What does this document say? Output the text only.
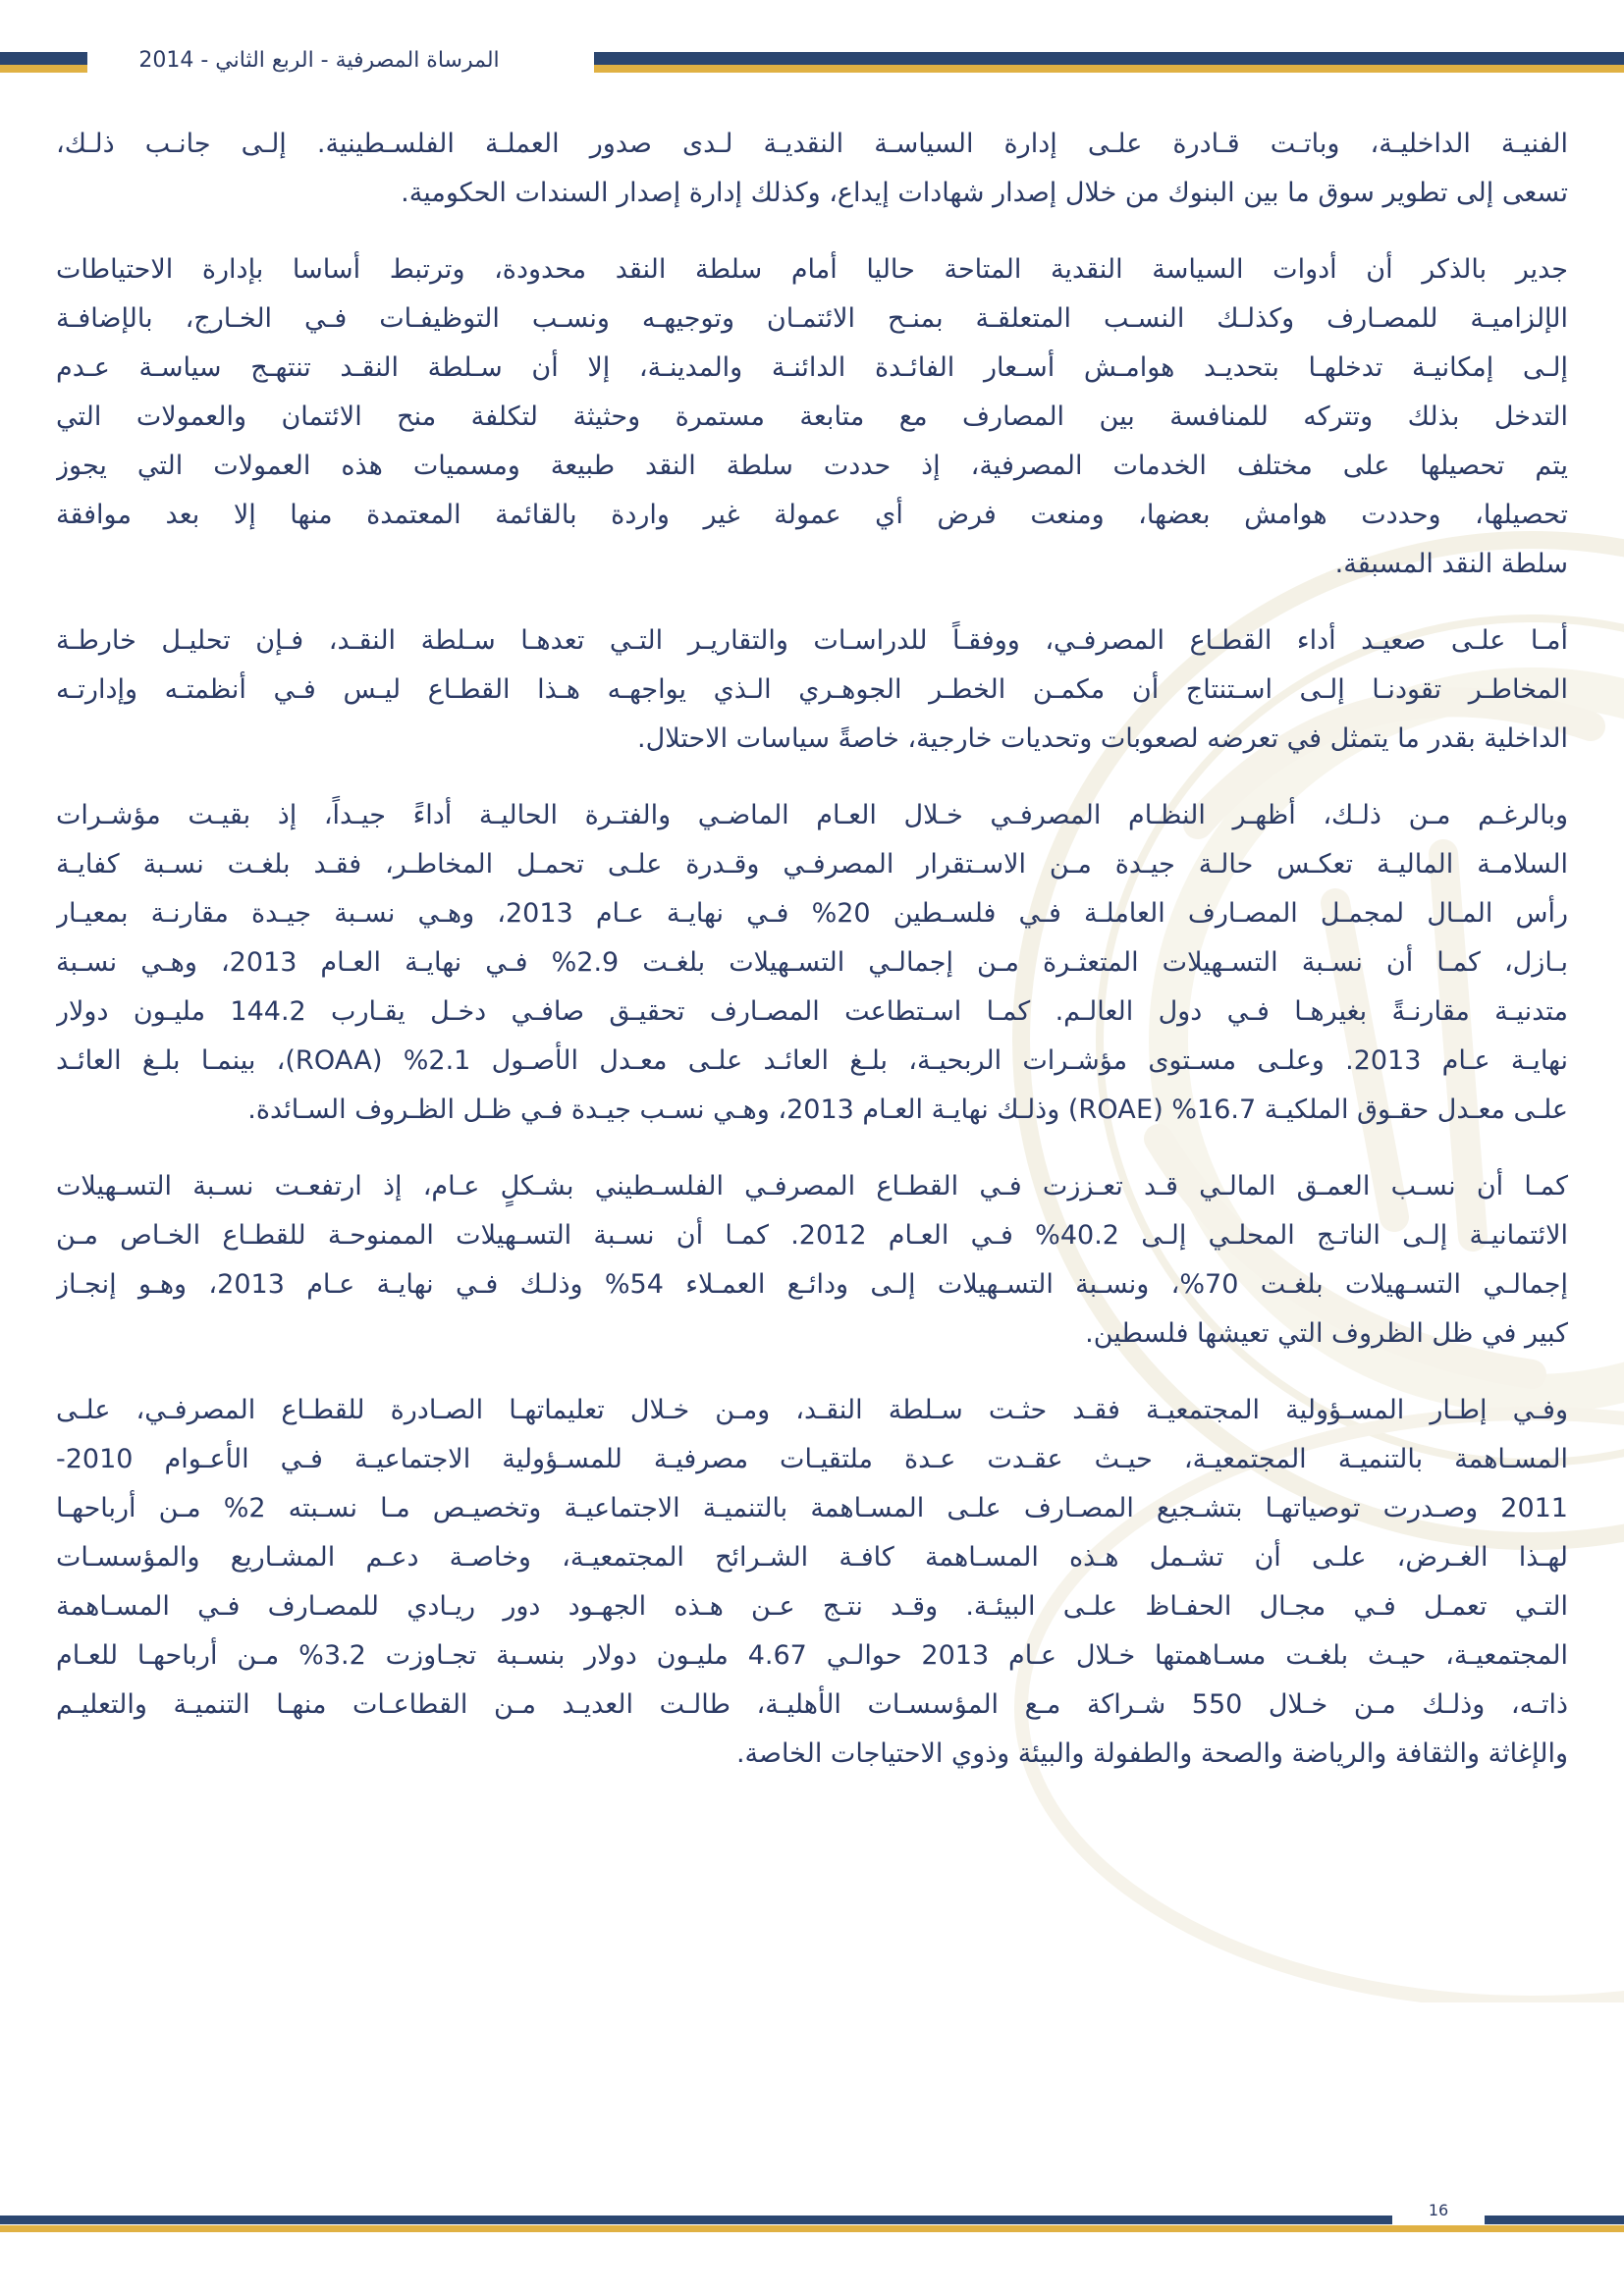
المرساة المصرفية - الربع الثاني - 2014
الفنيـة الداخليـة، وباتـت قـادرة علـى إدارة السياسـة النقديـة لـدى صدور العملـة الفلسـطينية. إلـى جانـب ذلـك،
تسعى إلى تطوير سوق ما بين البنوك من خلال إصدار شهادات إيداع، وكذلك إدارة إصدار السندات الحكومية.
جدير بالذكر أن أدوات السياسة النقدية المتاحة حاليا أمام سلطة النقد محدودة، وترتبط أساسا بإدارة الاحتياطات
الإلزاميـة للمصـارف وكذلـك النسـب المتعلقـة بمنـح الائتمـان وتوجيهـه ونسـب التوظيفـات فـي الخـارج، بالإضافـة
إلـى إمكانيـة تدخلهـا بتحديـد هوامـش أسـعار الفائـدة الدائنـة والمدينـة، إلا أن سـلطة النقـد تنتهـج سياسـة عـدم
التدخل بذلك وتتركه للمنافسة بين المصارف مع متابعة مستمرة وحثيثة لتكلفة منح الائتمان والعمولات التي
يتم تحصيلها على مختلف الخدمات المصرفية، إذ حددت سلطة النقد طبيعة ومسميات هذه العمولات التي يجوز
تحصيلها، وحددت هوامش بعضها، ومنعت فرض أي عمولة غير واردة بالقائمة المعتمدة منها إلا بعد موافقة
سلطة النقد المسبقة.
أمـا علـى صعيـد أداء القطـاع المصرفـي، ووفقـاً للدراسـات والتقاريـر التـي تعدهـا سـلطة النقـد، فـإن تحليـل خارطـة
المخاطـر تقودنـا إلـى اسـتنتاج أن مكمـن الخطـر الجوهـري الـذي يواجهـه هـذا القطـاع ليـس فـي أنظمتـه وإدارتـه
الداخلية بقدر ما يتمثل في تعرضه لصعوبات وتحديات خارجية، خاصةً سياسات الاحتلال.
وبالرغـم مـن ذلـك، أظهـر النظـام المصرفـي خـلال العـام الماضـي والفتـرة الحاليـة أداءً جيـداً، إذ بقيـت مؤشـرات
السلامـة الماليـة تعكـس حالـة جيـدة مـن الاسـتقرار المصرفـي وقـدرة علـى تحمـل المخاطـر، فقـد بلغـت نسـبة كفايـة
رأس المـال لمجمـل المصـارف العاملـة فـي فلسـطين 20% فـي نهايـة عـام 2013، وهـي نسـبة جيـدة مقارنـة بمعيـار
بـازل، كمـا أن نسـبة التسـهيلات المتعثـرة مـن إجمالـي التسـهيلات بلغـت 2.9% فـي نهايـة العـام 2013، وهـي نسـبة
متدنيـة مقارنـةً بغيرهـا فـي دول العالـم. كمـا اسـتطاعت المصـارف تحقيـق صافـي دخـل يقـارب 144.2 مليـون دولار
نهايـة عـام 2013. وعلـى مسـتوى مؤشـرات الربحيـة، بلـغ العائـد علـى معـدل الأصـول 2.1% (ROAA)، بينمـا بلـغ العائـد
علـى معـدل حقـوق الملكيـة 16.7% (ROAE) وذلـك نهايـة العـام 2013، وهـي نسـب جيـدة فـي ظـل الظـروف السـائدة.
كمـا أن نسـب العمـق المالـي قـد تعـززت فـي القطـاع المصرفـي الفلسـطيني بشـكلٍ عـام، إذ ارتفعـت نسـبة التسـهيلات
الائتمانيـة إلـى الناتـج المحلـي إلـى 40.2% فـي العـام 2012. كمـا أن نسـبة التسـهيلات الممنوحـة للقطـاع الخـاص مـن
إجمالـي التسـهيلات بلغـت 70%، ونسـبة التسـهيلات إلـى ودائـع العمـلاء 54% وذلـك فـي نهايـة عـام 2013، وهـو إنجـاز
كبير في ظل الظروف التي تعيشها فلسطين.
وفـي إطـار المسـؤولية المجتمعيـة فقـد حثـت سـلطة النقـد، ومـن خـلال تعليماتهـا الصـادرة للقطـاع المصرفـي، علـى
المسـاهمة بالتنميـة المجتمعيـة، حيـث عقـدت عـدة ملتقيـات مصرفيـة للمسـؤولية الاجتماعيـة فـي الأعـوام 2010-
2011 وصـدرت توصياتهـا بتشـجيع المصـارف علـى المسـاهمة بالتنميـة الاجتماعيـة وتخصيـص مـا نسـبته 2% مـن أرباحهـا
لهـذا الغـرض، علـى أن تشـمل هـذه المسـاهمة كافـة الشـرائح المجتمعيـة، وخاصـة دعـم المشـاريع والمؤسسـات
التـي تعمـل فـي مجـال الحفـاظ علـى البيئـة. وقـد نتـج عـن هـذه الجهـود دور ريـادي للمصـارف فـي المسـاهمة
المجتمعيـة، حيـث بلغـت مسـاهمتها خـلال عـام 2013 حوالـي 4.67 مليـون دولار بنسـبة تجـاوزت 3.2% مـن أرباحهـا للعـام
ذاتـه، وذلـك مـن خـلال 550 شـراكة مـع المؤسسـات الأهليـة، طالـت العديـد مـن القطاعـات منهـا التنميـة والتعليـم
والإغاثة والثقافة والرياضة والصحة والطفولة والبيئة وذوي الاحتياجات الخاصة.
16
